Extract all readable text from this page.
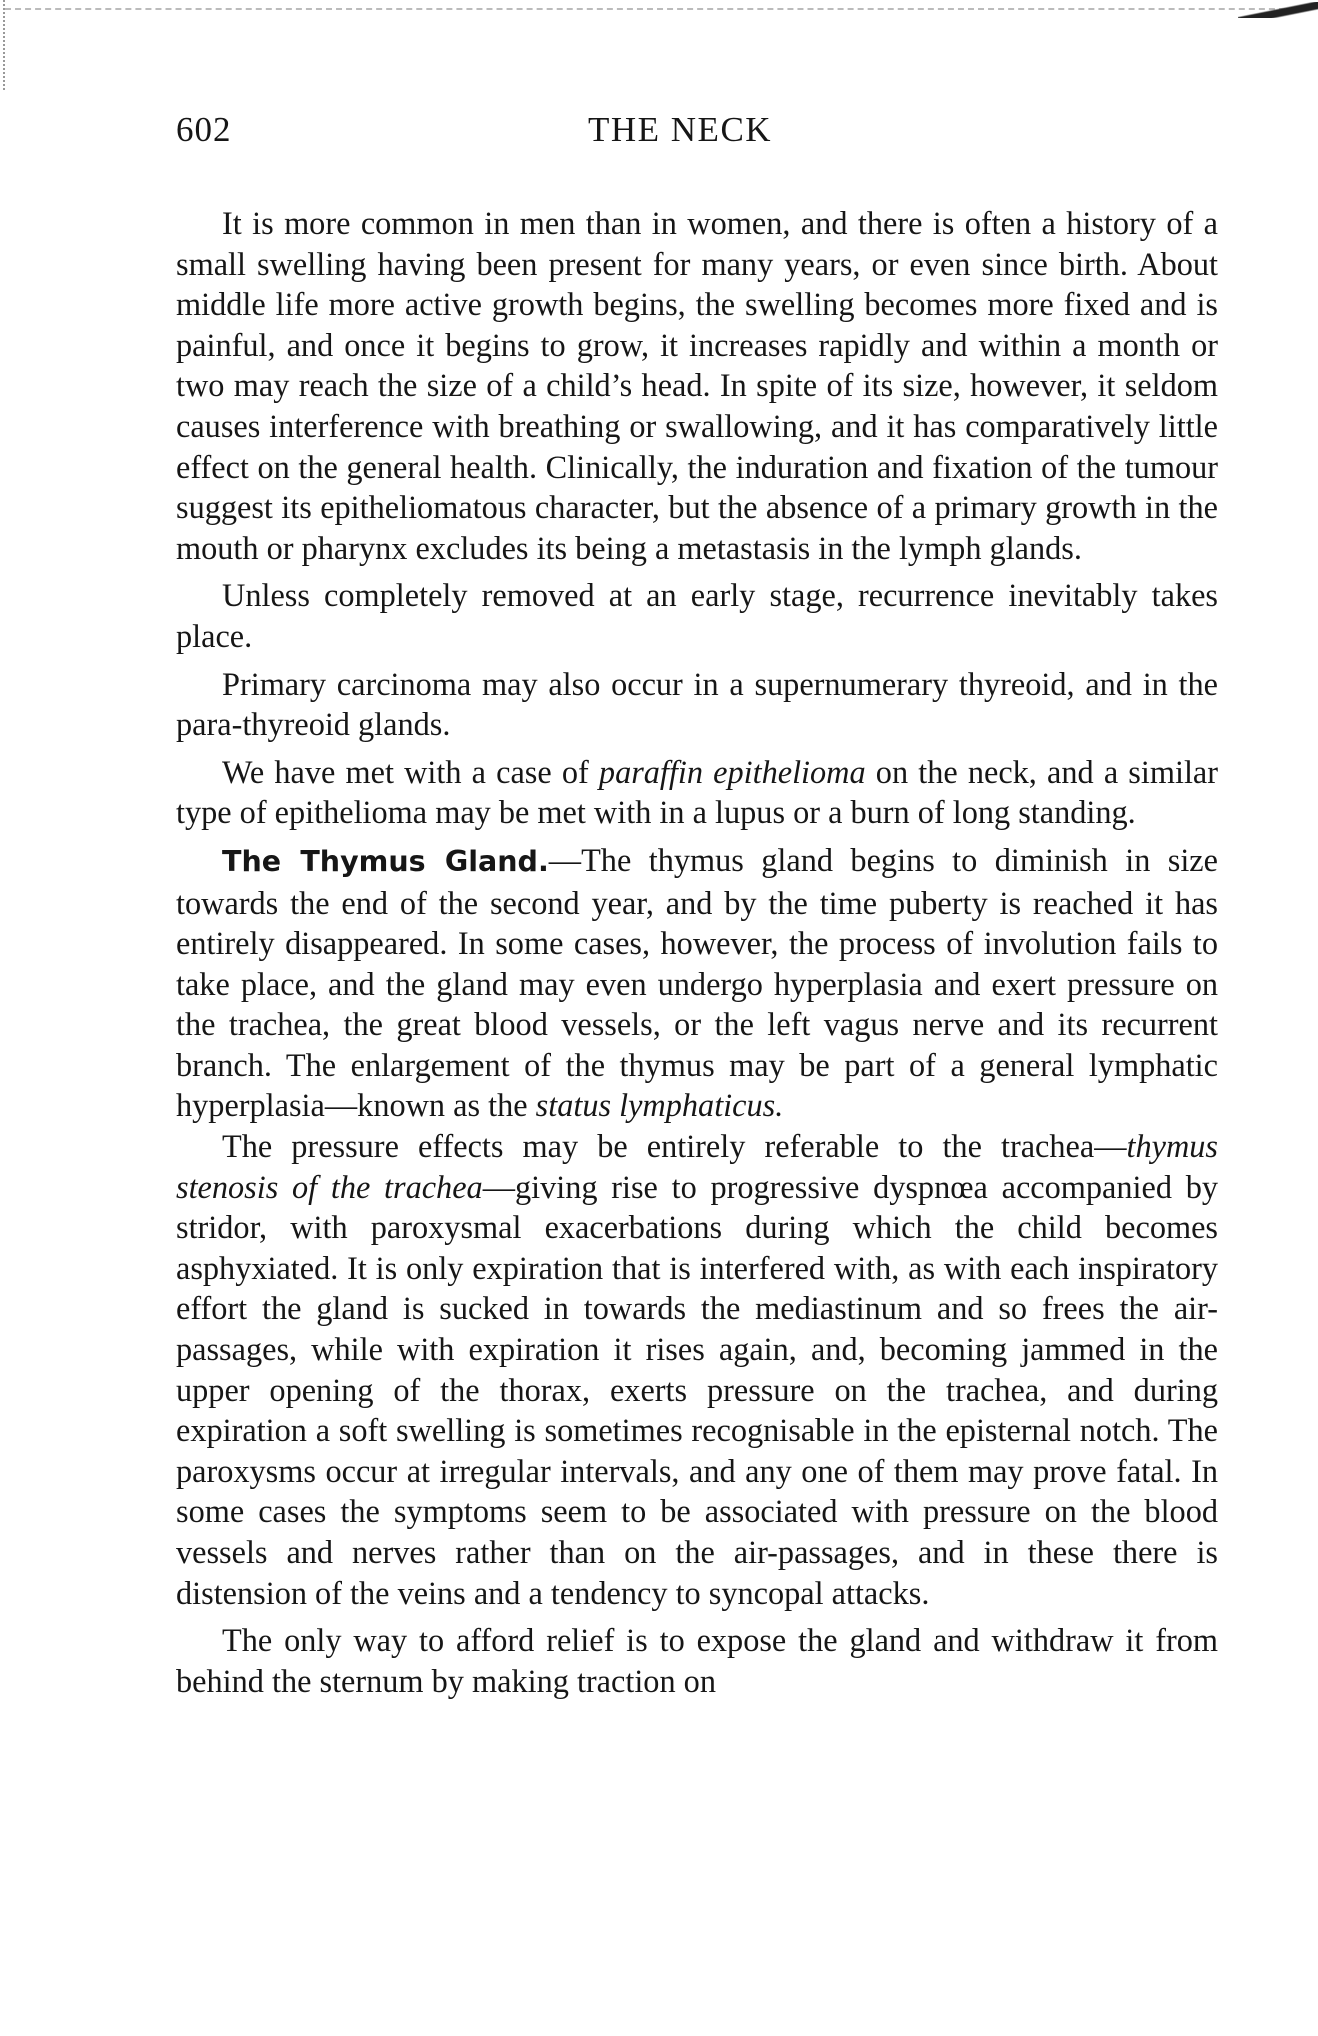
602	THE NECK

It is more common in men than in women, and there is often a history of a small swelling having been present for many years, or even since birth. About middle life more active growth begins, the swelling becomes more fixed and is painful, and once it begins to grow, it increases rapidly and within a month or two may reach the size of a child’s head. In spite of its size, however, it seldom causes interference with breathing or swallowing, and it has comparatively little effect on the general health. Clinically, the induration and fixation of the tumour suggest its epitheliomatous character, but the absence of a primary growth in the mouth or pharynx excludes its being a metastasis in the lymph glands.

Unless completely removed at an early stage, recurrence inevitably takes place.

Primary carcinoma may also occur in a supernumerary thyreoid, and in the para-thyreoid glands.

We have met with a case of paraffin epithelioma on the neck, and a similar type of epithelioma may be met with in a lupus or a burn of long standing.

The Thymus Gland.—The thymus gland begins to diminish in size towards the end of the second year, and by the time puberty is reached it has entirely disappeared. In some cases, however, the process of involution fails to take place, and the gland may even undergo hyperplasia and exert pressure on the trachea, the great blood vessels, or the left vagus nerve and its recurrent branch. The enlargement of the thymus may be part of a general lymphatic hyperplasia—known as the status lymphaticus.

The pressure effects may be entirely referable to the trachea—thymus stenosis of the trachea—giving rise to progressive dyspnœa accompanied by stridor, with paroxysmal exacerbations during which the child becomes asphyxiated. It is only expiration that is interfered with, as with each inspiratory effort the gland is sucked in towards the mediastinum and so frees the air-passages, while with expiration it rises again, and, becoming jammed in the upper opening of the thorax, exerts pressure on the trachea, and during expiration a soft swelling is sometimes recognisable in the episternal notch. The paroxysms occur at irregular intervals, and any one of them may prove fatal. In some cases the symptoms seem to be associated with pressure on the blood vessels and nerves rather than on the air-passages, and in these there is distension of the veins and a tendency to syncopal attacks.

The only way to afford relief is to expose the gland and withdraw it from behind the sternum by making traction on
